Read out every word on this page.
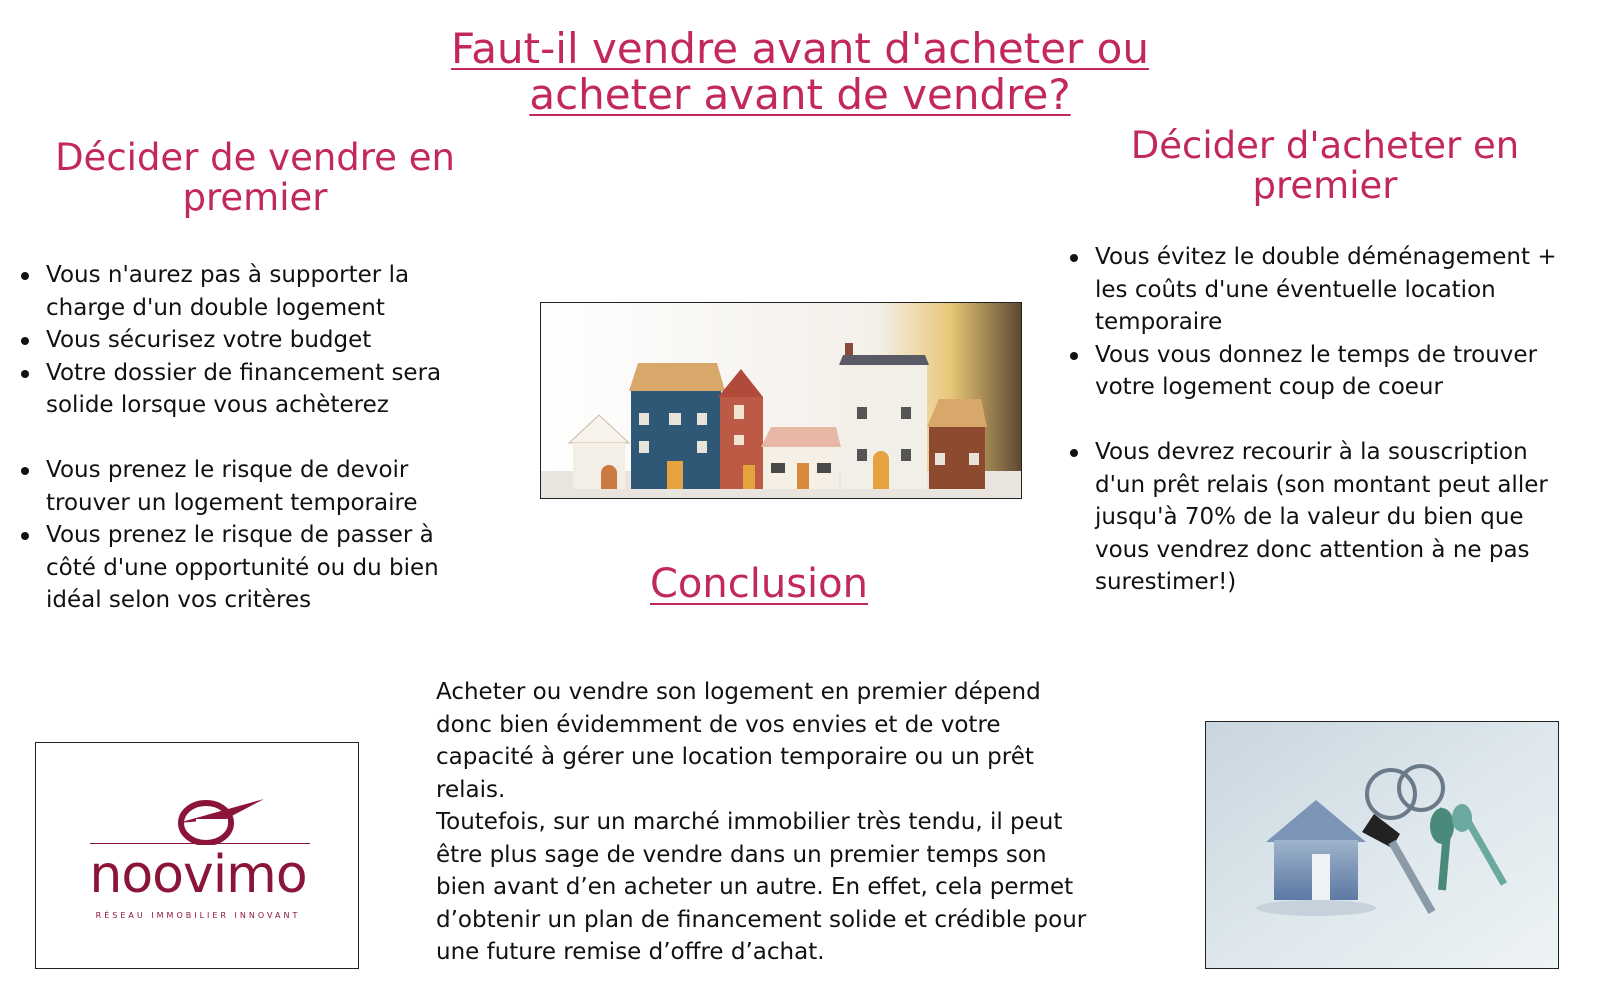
Faut-il vendre avant d'acheter ou
acheter avant de vendre?
Décider de vendre en
premier
Vous n'aurez pas à supporter la charge d'un double logement
Vous sécurisez votre budget
Votre dossier de financement sera solide lorsque vous achèterez
Vous prenez le risque de devoir trouver un logement temporaire
Vous prenez le risque de passer à côté d'une opportunité ou du bien idéal selon vos critères
Décider d'acheter en
premier
Vous évitez le double déménagement + les coûts d'une éventuelle location temporaire
Vous vous donnez le temps de trouver votre logement coup de coeur
Vous devrez recourir à la souscription d'un prêt relais (son montant peut aller jusqu'à 70% de la valeur du bien que vous vendrez donc attention à ne pas surestimer!)
Conclusion

Acheter ou vendre son logement en premier dépend donc bien évidemment de vos envies et de votre capacité à gérer une location temporaire ou un prêt relais.

Toutefois, sur un marché immobilier très tendu, il peut être plus sage de vendre dans un premier temps son bien avant d’en acheter un autre. En effet, cela permet d’obtenir un plan de financement solide et crédible pour une future remise d’offre d’achat.

noovimo
RÉSEAU IMMOBILIER INNOVANT
